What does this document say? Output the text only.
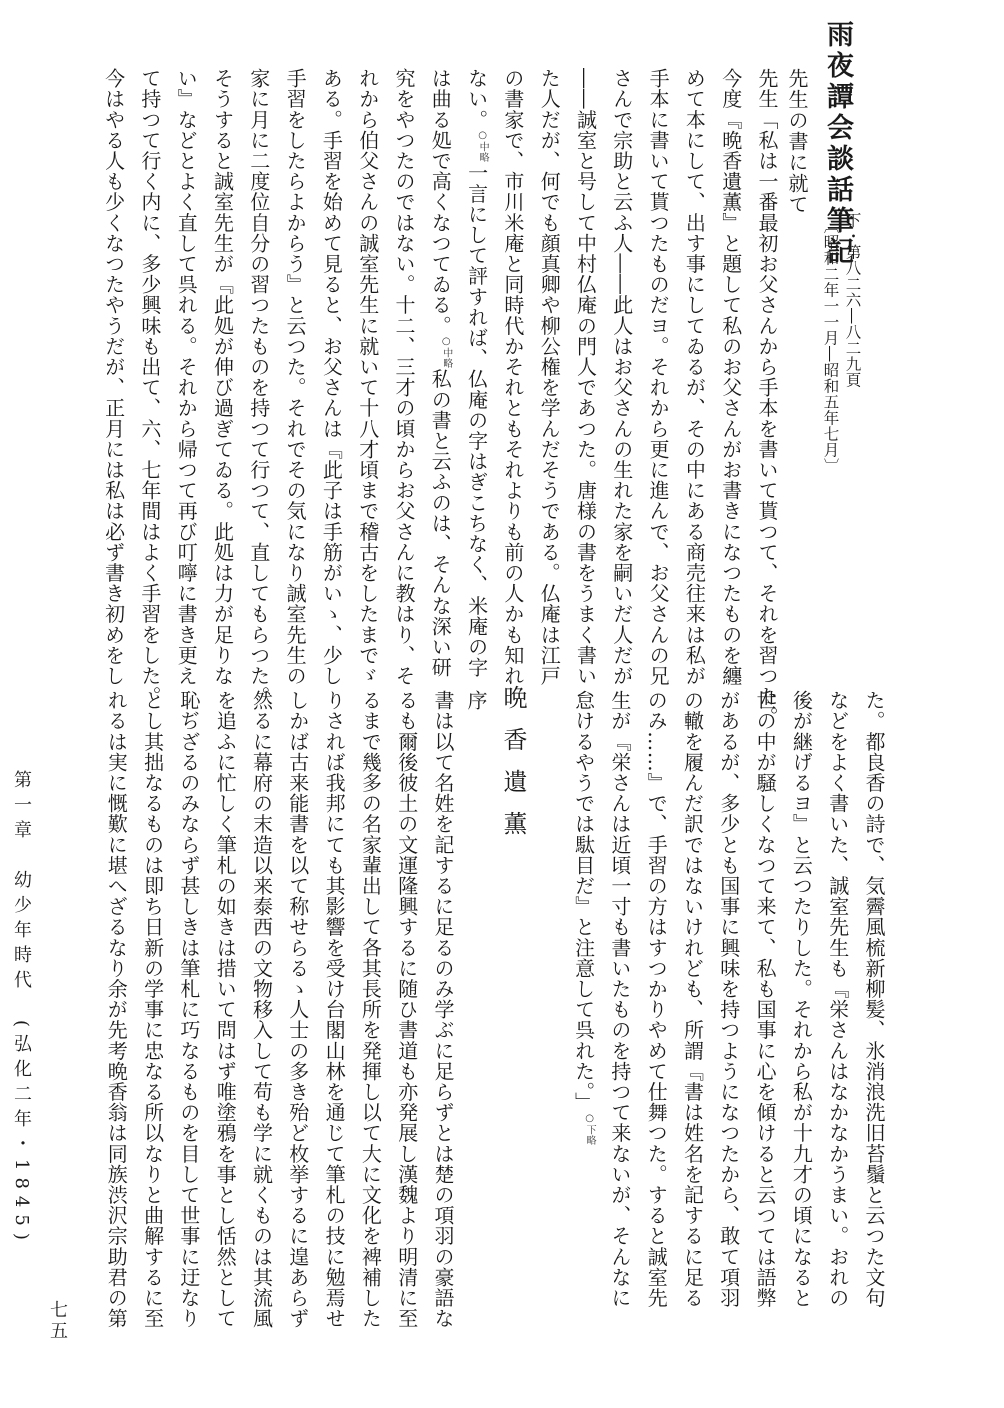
雨夜譚会談話筆記
下・第八二六―八二九頁
〔昭和二年一一月―昭和五年七月〕
先生の書に就て
先生「私は一番最初お父さんから手本を書いて貰つて、それを習つた。
今度『晩香遺薫』と題して私のお父さんがお書きになつたものを纏
めて本にして、出す事にしてゐるが、その中にある商売往来は私が
手本に書いて貰つたものだヨ。それから更に進んで、お父さんの兄
さんで宗助と云ふ人――此人はお父さんの生れた家を嗣いだ人だが
――誠室と号して中村仏庵の門人であつた。唐様の書をうまく書い
た人だが、何でも顔真卿や柳公権を学んだそうである。仏庵は江戸
の書家で、市川米庵と同時代かそれともそれよりも前の人かも知れ
ない。○中略一言にして評すれば、仏庵の字はぎこちなく、米庵の字
は曲る処で高くなつてゐる。○中略私の書と云ふのは、そんな深い研
究をやつたのではない。十二、三才の頃からお父さんに教はり、そ
れから伯父さんの誠室先生に就いて十八才頃まで稽古をしたまでゞ
ある。手習を始めて見ると、お父さんは『此子は手筋がいゝ、少し
手習をしたらよからう』と云つた。それでその気になり誠室先生の
家に月に二度位自分の習つたものを持つて行つて、直してもらつた。
そうすると誠室先生が『此処が伸び過ぎてゐる。此処は力が足りな
い』などとよく直して呉れる。それから帰つて再び叮嚀に書き更え
て持つて行く内に、多少興味も出て、六、七年間はよく手習をした。
今はやる人も少くなつたやうだが、正月には私は必ず書き初めをし
た。都良香の詩で、気霽風梳新柳髪、氷消浪洗旧苔鬚と云つた文句
などをよく書いた、誠室先生も『栄さんはなかなかうまい。おれの
後が継げるヨ』と云つたりした。それから私が十九才の頃になると
世の中が騒しくなつて来て、私も国事に心を傾けると云つては語弊
があるが、多少とも国事に興味を持つようになつたから、敢て項羽
の轍を履んだ訳ではないけれども、所謂『書は姓名を記するに足る
のみ……』で、手習の方はすつかりやめて仕舞つた。すると誠室先
生が『栄さんは近頃一寸も書いたものを持つて来ないが、そんなに
怠けるやうでは駄目だ』と注意して呉れた。」○下略
晩香遺薫
序
書は以て名姓を記するに足るのみ学ぶに足らずとは楚の項羽の豪語な
るも爾後彼土の文運隆興するに随ひ書道も亦発展し漢魏より明清に至
るまで幾多の名家輩出して各其長所を発揮し以て大に文化を裨補した
りされば我邦にても其影響を受け台閣山林を通じて筆札の技に勉焉せ
しかば古来能書を以て称せらるゝ人士の多き殆ど枚挙するに遑あらず
然るに幕府の末造以来泰西の文物移入して苟も学に就くものは其流風
を追ふに忙しく筆札の如きは措いて問はず唯塗鴉を事とし恬然として
恥ぢざるのみならず甚しきは筆札に巧なるものを目して世事に迂なり
とし其拙なるものは即ち日新の学事に忠なる所以なりと曲解するに至
れるは実に慨歎に堪へざるなり余が先考晩香翁は同族渋沢宗助君の第
第一章　幼少年時代　(弘化二年・1845)
七五
